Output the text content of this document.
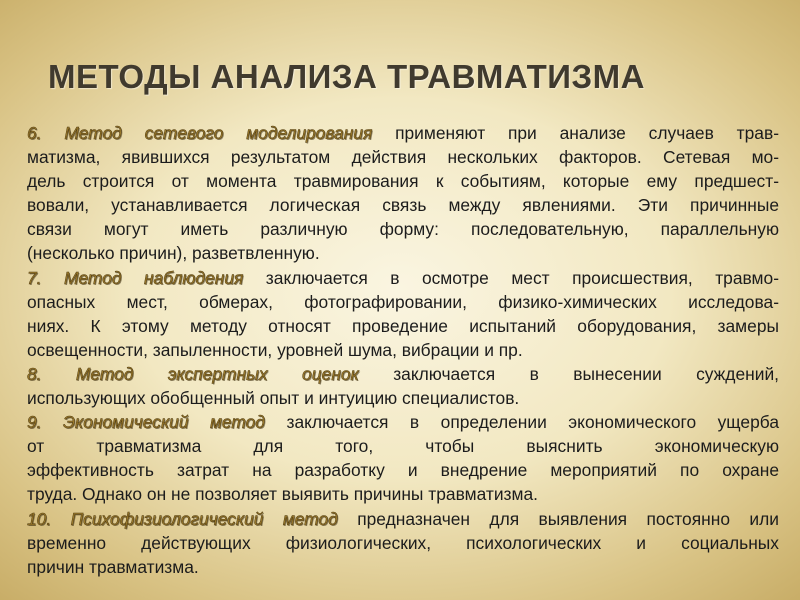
МЕТОДЫ АНАЛИЗА ТРАВМАТИЗМА
6. Метод сетевого моделирования применяют при анализе случаев трав-
матизма, явившихся результатом действия нескольких факторов. Сетевая мо-
дель строится от момента травмирования к событиям, которые ему предшест-
вовали, устанавливается логическая связь между явлениями. Эти причинные
связи могут иметь различную форму: последовательную, параллельную
(несколько причин), разветвленную.
7. Метод наблюдения заключается в осмотре мест происшествия, травмо-
опасных мест, обмерах, фотографировании, физико-химических исследова-
ниях. К этому методу относят проведение испытаний оборудования, замеры
освещенности, запыленности, уровней шума, вибрации и пр.
8. Метод экспертных оценок заключается в вынесении суждений,
использующих обобщенный опыт и интуицию специалистов.
9. Экономический метод заключается в определении экономического ущерба
от травматизма для того, чтобы выяснить экономическую
эффективность затрат на разработку и внедрение мероприятий по охране
труда. Однако он не позволяет выявить причины травматизма.
10. Психофизиологический метод предназначен для выявления постоянно или
временно действующих физиологических, психологических и социальных
причин травматизма.
